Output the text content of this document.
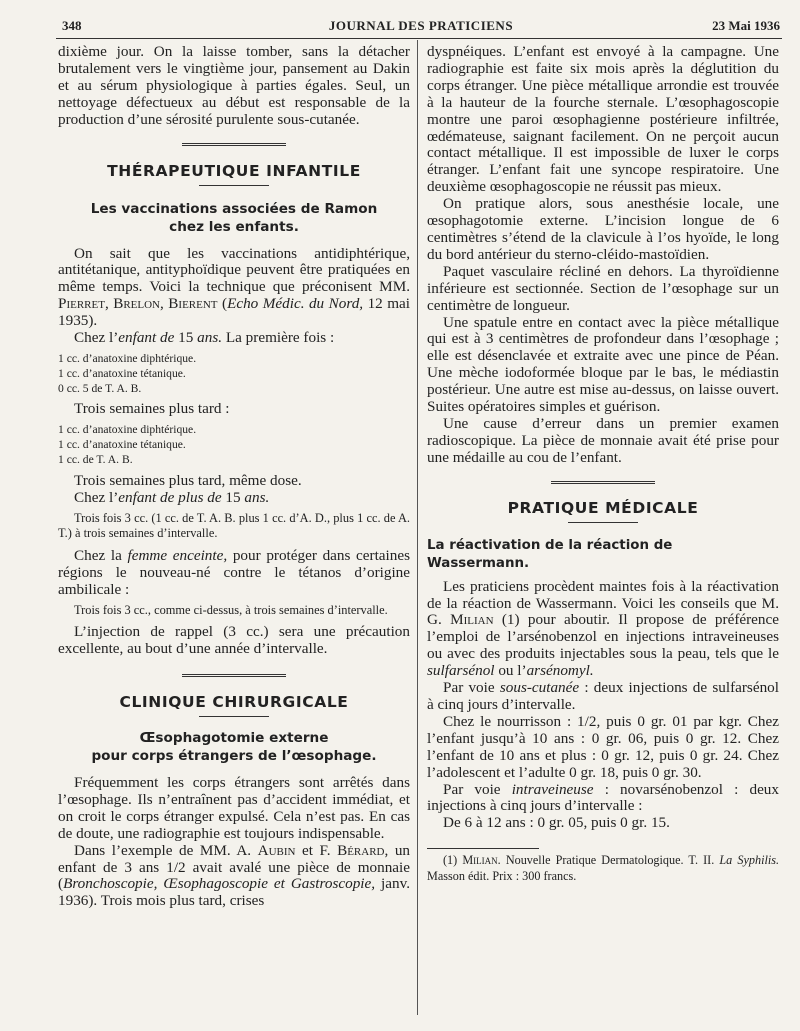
348	JOURNAL DES PRATICIENS	23 Mai 1936

dixième jour. On la laisse tomber, sans la détacher brutalement vers le vingtième jour, pansement au Dakin et au sérum physiologique à parties égales. Seul, un nettoyage défectueux au début est responsable de la production d’une sérosité purulente sous-cutanée.

THÉRAPEUTIQUE INFANTILE
Les vaccinations associées de Ramon
chez les enfants.

On sait que les vaccinations antidiphtérique, antitétanique, antityphoïdique peuvent être pratiquées en même temps. Voici la technique que préconisent MM. Pierret, Brelon, Bierent (Echo Médic. du Nord, 12 mai 1935).

Chez l’enfant de 15 ans. La première fois :

1 cc. d’anatoxine diphtérique.

1 cc. d’anatoxine tétanique.

0 cc. 5 de T. A. B.

Trois semaines plus tard :

1 cc. d’anatoxine diphtérique.

1 cc. d’anatoxine tétanique.

1 cc. de T. A. B.

Trois semaines plus tard, même dose.

Chez l’enfant de plus de 15 ans.

Trois fois 3 cc. (1 cc. de T. A. B. plus 1 cc. d’A. D., plus 1 cc. de A. T.) à trois semaines d’intervalle.

Chez la femme enceinte, pour protéger dans certaines régions le nouveau-né contre le tétanos d’origine ambilicale :

Trois fois 3 cc., comme ci-dessus, à trois semaines d’intervalle.

L’injection de rappel (3 cc.) sera une précaution excellente, au bout d’une année d’intervalle.

CLINIQUE CHIRURGICALE
Œsophagotomie externe
pour corps étrangers de l’œsophage.

Fréquemment les corps étrangers sont arrêtés dans l’œsophage. Ils n’entraînent pas d’accident immédiat, et on croit le corps étranger expulsé. Cela n’est pas. En cas de doute, une radiographie est toujours indispensable.

Dans l’exemple de MM. A. Aubin et F. Bérard, un enfant de 3 ans 1/2 avait avalé une pièce de monnaie (Bronchoscopie, Œsophagoscopie et Gastroscopie, janv. 1936). Trois mois plus tard, crises

dyspnéiques. L’enfant est envoyé à la campagne. Une radiographie est faite six mois après la déglutition du corps étranger. Une pièce métallique arrondie est trouvée à la hauteur de la fourche sternale. L’œsophagoscopie montre une paroi œsophagienne postérieure infiltrée, œdémateuse, saignant facilement. On ne perçoit aucun contact métallique. Il est impossible de luxer le corps étranger. L’enfant fait une syncope respiratoire. Une deuxième œsophagoscopie ne réussit pas mieux.

On pratique alors, sous anesthésie locale, une œsophagotomie externe. L’incision longue de 6 centimètres s’étend de la clavicule à l’os hyoïde, le long du bord antérieur du sterno-cléido-mastoïdien.

Paquet vasculaire récliné en dehors. La thyroïdienne inférieure est sectionnée. Section de l’œsophage sur un centimètre de longueur.

Une spatule entre en contact avec la pièce métallique qui est à 3 centimètres de profondeur dans l’œsophage ; elle est désenclavée et extraite avec une pince de Péan. Une mèche iodoformée bloque par le bas, le médiastin postérieur. Une autre est mise au-dessus, on laisse ouvert. Suites opératoires simples et guérison.

Une cause d’erreur dans un premier examen radioscopique. La pièce de monnaie avait été prise pour une médaille au cou de l’enfant.

PRATIQUE MÉDICALE
La réactivation de la réaction de Wassermann.

Les praticiens procèdent maintes fois à la réactivation de la réaction de Wassermann. Voici les conseils que M. G. Milian (1) pour aboutir. Il propose de préférence l’emploi de l’arsénobenzol en injections intraveineuses ou avec des produits injectables sous la peau, tels que le sulfarsénol ou l’arsénomyl.

Par voie sous-cutanée : deux injections de sulfarsénol à cinq jours d’intervalle.

Chez le nourrisson : 1/2, puis 0 gr. 01 par kgr. Chez l’enfant jusqu’à 10 ans : 0 gr. 06, puis 0 gr. 12. Chez l’enfant de 10 ans et plus : 0 gr. 12, puis 0 gr. 24. Chez l’adolescent et l’adulte 0 gr. 18, puis 0 gr. 30.

Par voie intraveineuse : novarsénobenzol : deux injections à cinq jours d’intervalle :

De 6 à 12 ans : 0 gr. 05, puis 0 gr. 15.

(1) Milian. Nouvelle Pratique Dermatologique. T. II. La Syphilis. Masson édit. Prix : 300 francs.
